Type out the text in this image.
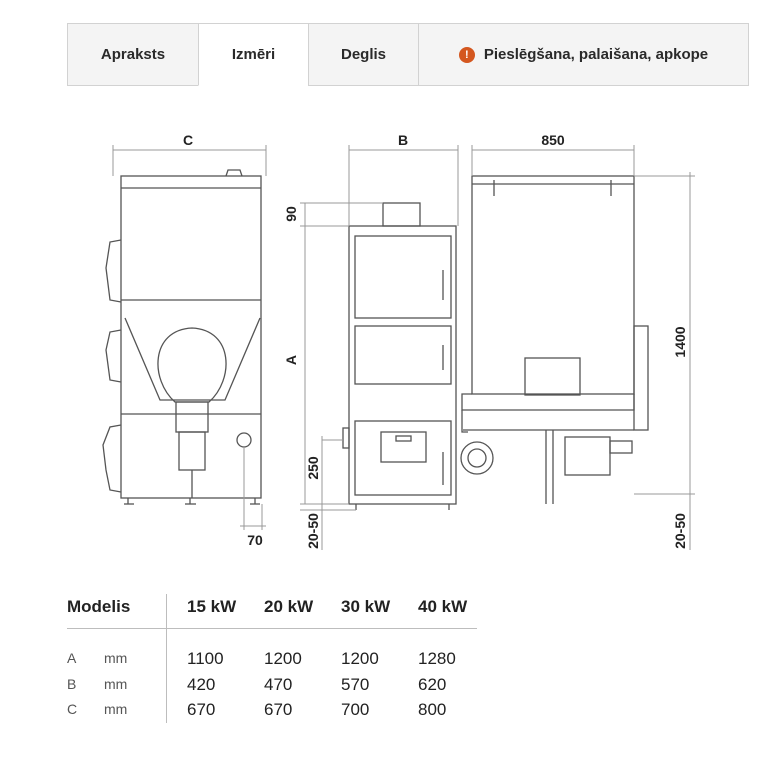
Apraksts	Izmēri	Deglis	!	Pieslēgšana, palaišana, apkope
C	B	850
90
A
250
20-50
70
1400
20-50
Modelis	15 kW 20 kW 30 kW 40 kW
A mm	1100 1200 1200 1280
B mm	420	470	570	620
C mm	670	670	700	800
